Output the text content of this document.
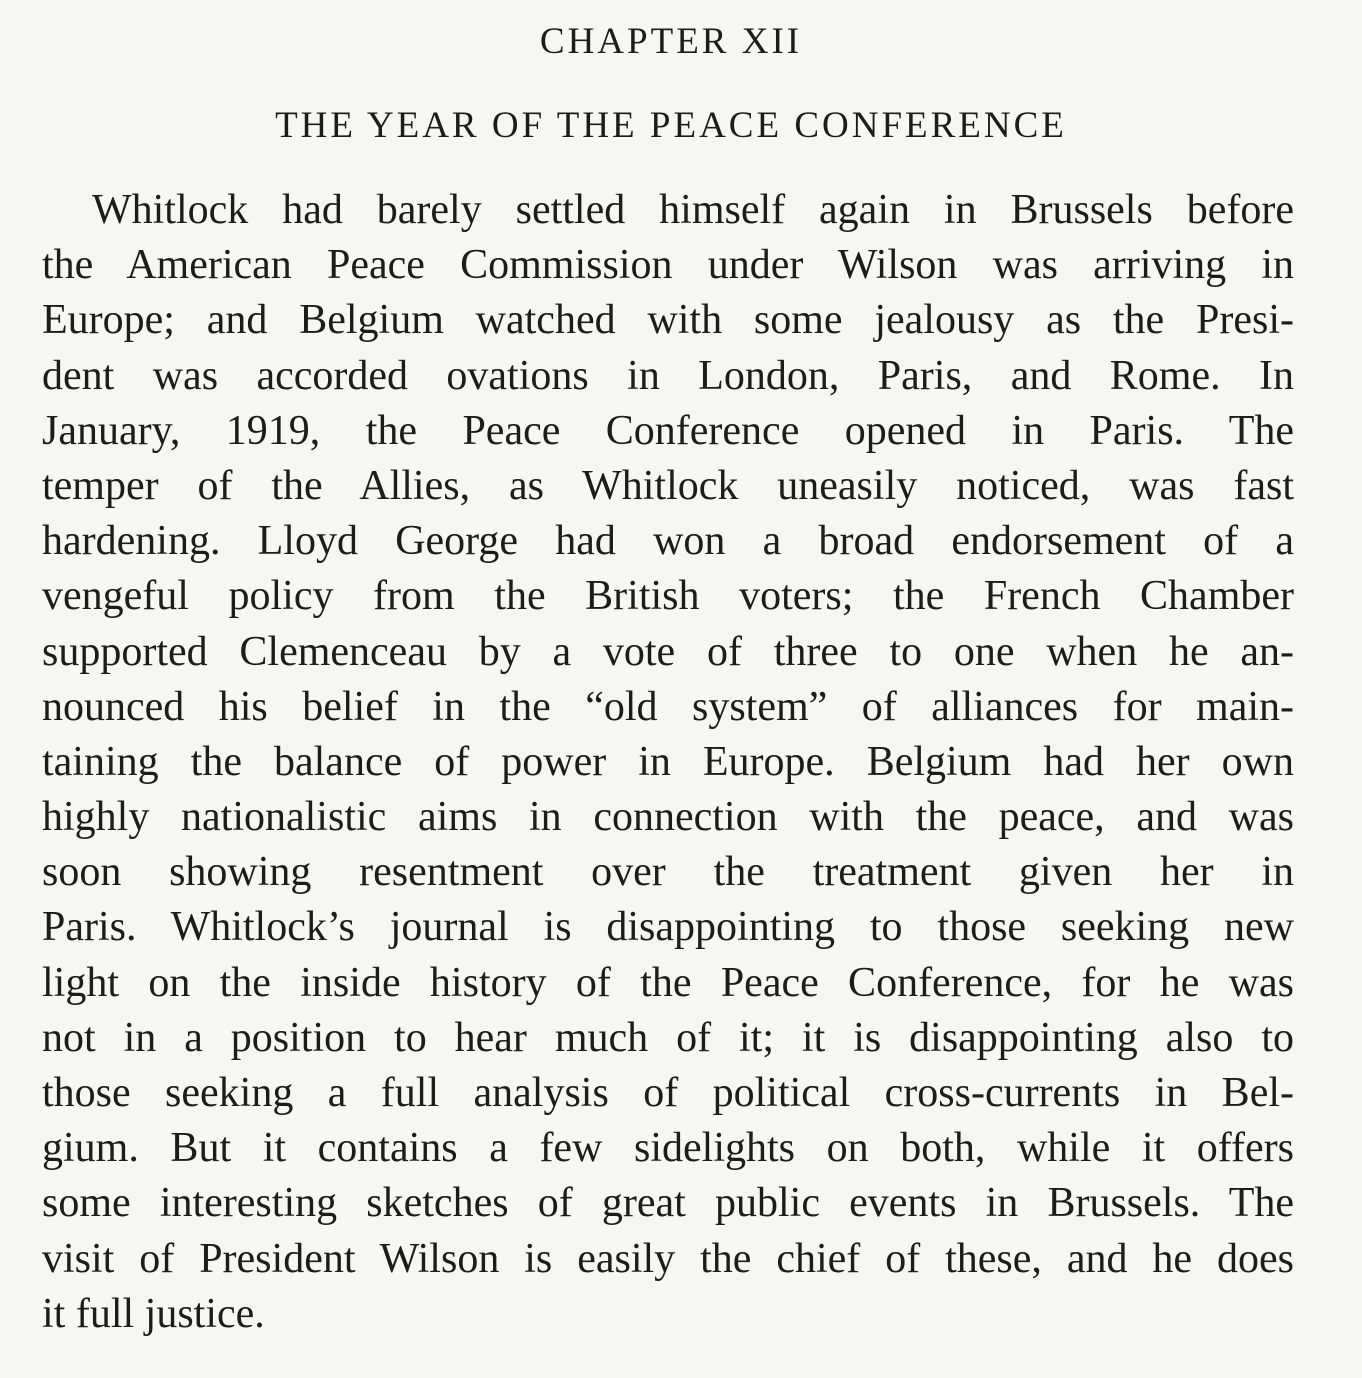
CHAPTER XII
THE YEAR OF THE PEACE CONFERENCE
Whitlock had barely settled himself again in Brussels before
the American Peace Commission under Wilson was arriving in
Europe; and Belgium watched with some jealousy as the Presi-
dent was accorded ovations in London, Paris, and Rome. In
January, 1919, the Peace Conference opened in Paris. The
temper of the Allies, as Whitlock uneasily noticed, was fast
hardening. Lloyd George had won a broad endorsement of a
vengeful policy from the British voters; the French Chamber
supported Clemenceau by a vote of three to one when he an-
nounced his belief in the “old system” of alliances for main-
taining the balance of power in Europe. Belgium had her own
highly nationalistic aims in connection with the peace, and was
soon showing resentment over the treatment given her in
Paris. Whitlock’s journal is disappointing to those seeking new
light on the inside history of the Peace Conference, for he was
not in a position to hear much of it; it is disappointing also to
those seeking a full analysis of political cross-currents in Bel-
gium. But it contains a few sidelights on both, while it offers
some interesting sketches of great public events in Brussels. The
visit of President Wilson is easily the chief of these, and he does
it full justice.
